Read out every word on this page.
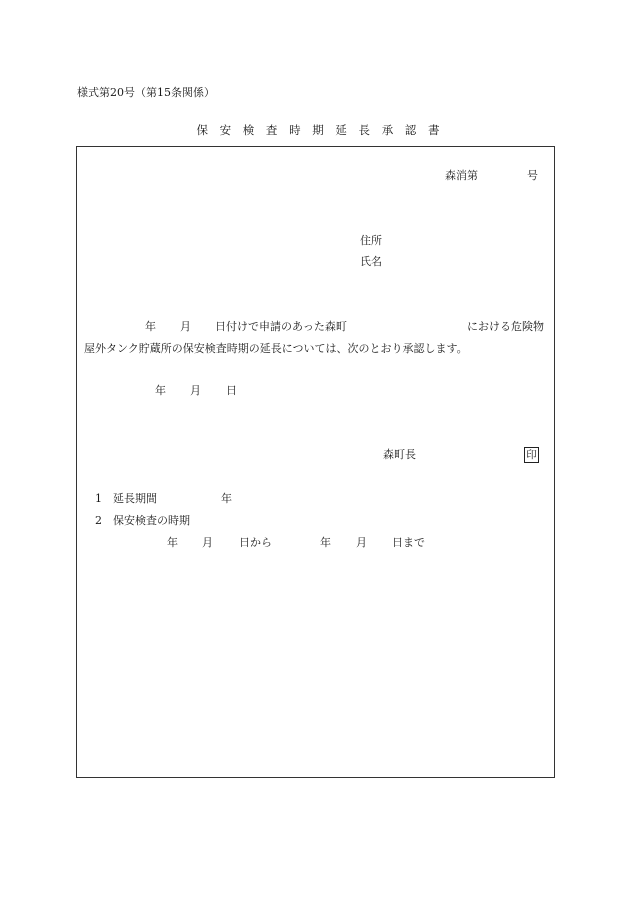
様式第20号（第15条関係）
保 安 検 査 時 期 延 長 承 認 書
森消第	号
住所
氏名
年 月 日付けで申請のあった森町	における危険物
屋外タンク貯蔵所の保安検査時期の延長については、次のとおり承認します。
年 月 日
森町長	印
1 延長期間	年
2 保安検査の時期
年 月 日から	年 月 日まで
